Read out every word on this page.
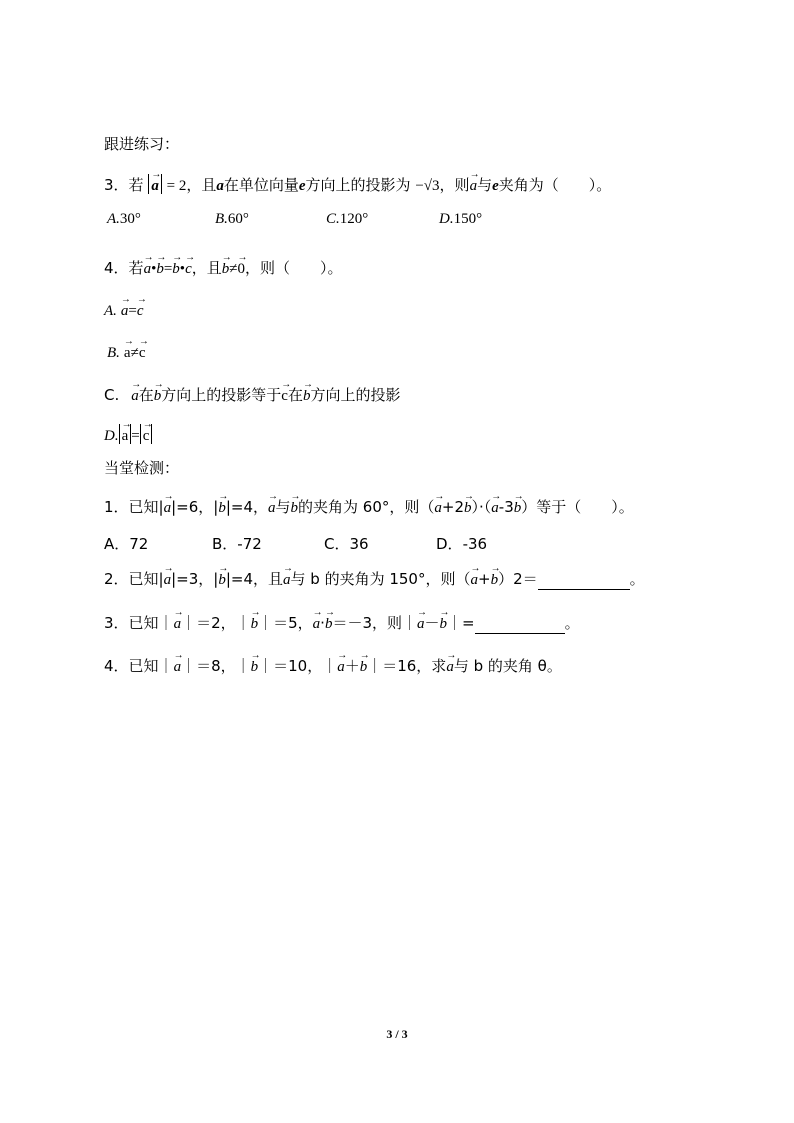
跟进练习：
3．若 → a = 2，且a在单位向量e方向上的投影为 −√3，则→ a与e夹角为（　　）。
A.30°	B.60°	C.120°	D.150°
4．若→ a•→ b=→ b•→ c，且→ b≠→ 0，则（　　）。
A. → a=→ c
B. → a≠→ c
C. → a在→ b方向上的投影等于→ c在→ b方向上的投影
D. → a = → c
当堂检测：
1．已知|→ a|=6，|→ b|=4，→ a与→ b的夹角为 60°，则（→ a+2→ b）·（→ a-3→ b）等于（　　）。
A．72	B．-72	C．36	D．-36
2．已知|→ a|=3，|→ b|=4，且→ a与 b 的夹角为 150°，则（→ a+→ b）2＝	。
3．已知｜→ a｜＝2，｜→ b｜＝5，→ a·→ b＝－3，则｜→ a－→ b｜=	。
4．已知｜→ a｜＝8，｜→ b｜＝10，｜→ a＋→ b｜＝16，求→ a与 b 的夹角 θ。
3 / 3
